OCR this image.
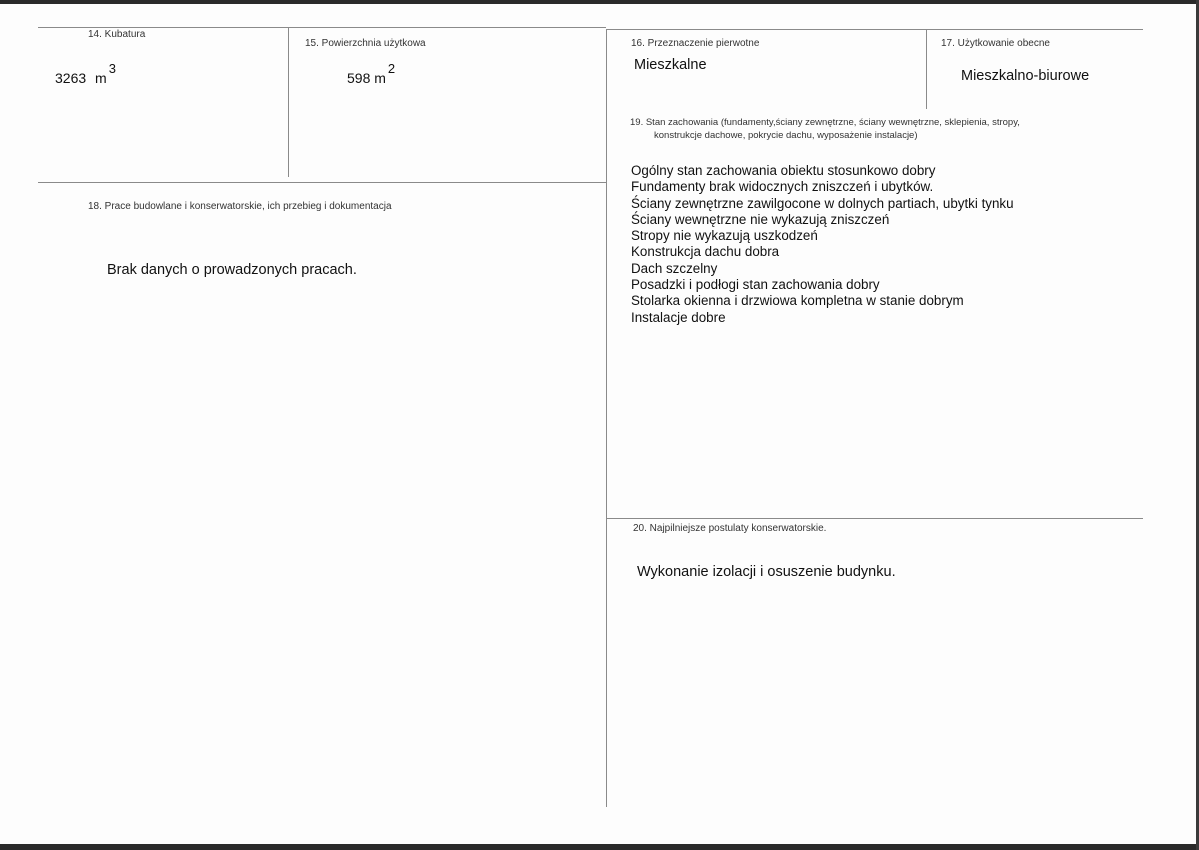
14. Kubatura
3263 m3
15. Powierzchnia użytkowa
598 m2
16. Przeznaczenie pierwotne
Mieszkalne
17. Użytkowanie obecne
Mieszkalno-biurowe
18. Prace budowlane i konserwatorskie, ich przebieg i dokumentacja
Brak danych o prowadzonych pracach.
19. Stan zachowania (fundamenty,ściany zewnętrzne, ściany wewnętrzne, sklepienia, stropy,
konstrukcje dachowe, pokrycie dachu, wyposażenie instalacje)
Ogólny stan zachowania obiektu stosunkowo dobry
Fundamenty brak widocznych zniszczeń i ubytków.
Ściany zewnętrzne zawilgocone w dolnych partiach, ubytki tynku
Ściany wewnętrzne nie wykazują zniszczeń
Stropy nie wykazują uszkodzeń
Konstrukcja dachu dobra
Dach szczelny
Posadzki i podłogi stan zachowania dobry
Stolarka okienna i drzwiowa kompletna w stanie dobrym
Instalacje dobre
20. Najpilniejsze postulaty konserwatorskie.
Wykonanie izolacji i osuszenie budynku.
